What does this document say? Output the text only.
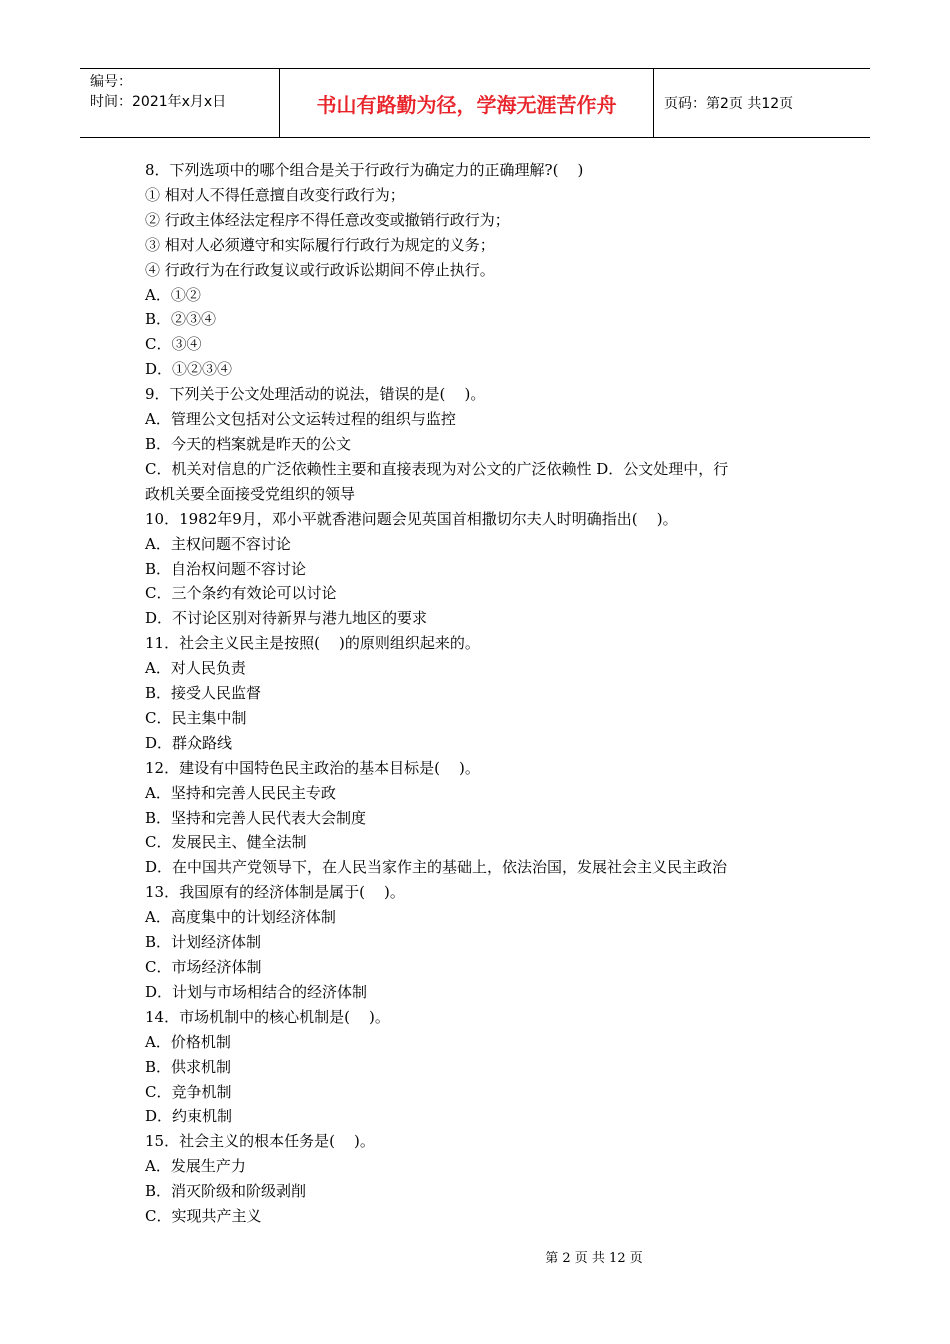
编号：
时间：2021年x月x日	书山有路勤为径，学海无涯苦作舟	页码：第2页 共12页
8．下列选项中的哪个组合是关于行政行为确定力的正确理解?(    )
① 相对人不得任意擅自改变行政行为；
② 行政主体经法定程序不得任意改变或撤销行政行为；
③ 相对人必须遵守和实际履行行政行为规定的义务；
④ 行政行为在行政复议或行政诉讼期间不停止执行。
A．①②
B．②③④
C．③④
D．①②③④
9．下列关于公文处理活动的说法，错误的是(    )。
A．管理公文包括对公文运转过程的组织与监控
B．今天的档案就是昨天的公文
C．机关对信息的广泛依赖性主要和直接表现为对公文的广泛依赖性 D．公文处理中，行
政机关要全面接受党组织的领导
10．1982年9月，邓小平就香港问题会见英国首相撒切尔夫人时明确指出(    )。
A．主权问题不容讨论
B．自治权问题不容讨论
C．三个条约有效论可以讨论
D．不讨论区别对待新界与港九地区的要求
11．社会主义民主是按照(    )的原则组织起来的。
A．对人民负责
B．接受人民监督
C．民主集中制
D．群众路线
12．建设有中国特色民主政治的基本目标是(    )。
A．坚持和完善人民民主专政
B．坚持和完善人民代表大会制度
C．发展民主、健全法制
D．在中国共产党领导下，在人民当家作主的基础上，依法治国，发展社会主义民主政治
13．我国原有的经济体制是属于(    )。
A．高度集中的计划经济体制
B．计划经济体制
C．市场经济体制
D．计划与市场相结合的经济体制
14．市场机制中的核心机制是(    )。
A．价格机制
B．供求机制
C．竞争机制
D．约束机制
15．社会主义的根本任务是(    )。
A．发展生产力
B．消灭阶级和阶级剥削
C．实现共产主义
第 2 页 共 12 页
